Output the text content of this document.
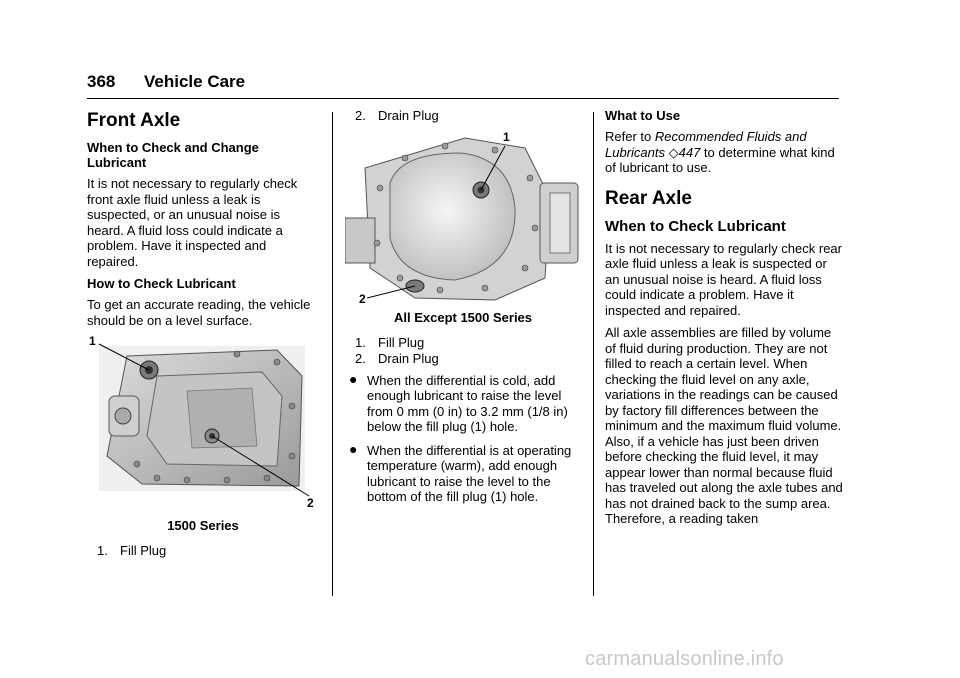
368 Vehicle Care
Front Axle
When to Check and Change Lubricant

It is not necessary to regularly check front axle fluid unless a leak is suspected, or an unusual noise is heard. A fluid loss could indicate a problem. Have it inspected and repaired.

How to Check Lubricant

To get an accurate reading, the vehicle should be on a level surface.

1
2
1500 Series
1. Fill Plug
2. Drain Plug
1
2
All Except 1500 Series
1. Fill Plug
2. Drain Plug
● When the differential is cold, add enough lubricant to raise the level from 0 mm (0 in) to 3.2 mm (1/8 in) below the fill plug (1) hole.
● When the differential is at operating temperature (warm), add enough lubricant to raise the level to the bottom of the fill plug (1) hole.
What to Use

Refer to Recommended Fluids and Lubricants ◇447 to determine what kind of lubricant to use.

Rear Axle
When to Check Lubricant

It is not necessary to regularly check rear axle fluid unless a leak is suspected or an unusual noise is heard. A fluid loss could indicate a problem. Have it inspected and repaired.

All axle assemblies are filled by volume of fluid during production. They are not filled to reach a certain level. When checking the fluid level on any axle, variations in the readings can be caused by factory fill differences between the minimum and the maximum fluid volume. Also, if a vehicle has just been driven before checking the fluid level, it may appear lower than normal because fluid has traveled out along the axle tubes and has not drained back to the sump area. Therefore, a reading taken

carmanualsonline.info
